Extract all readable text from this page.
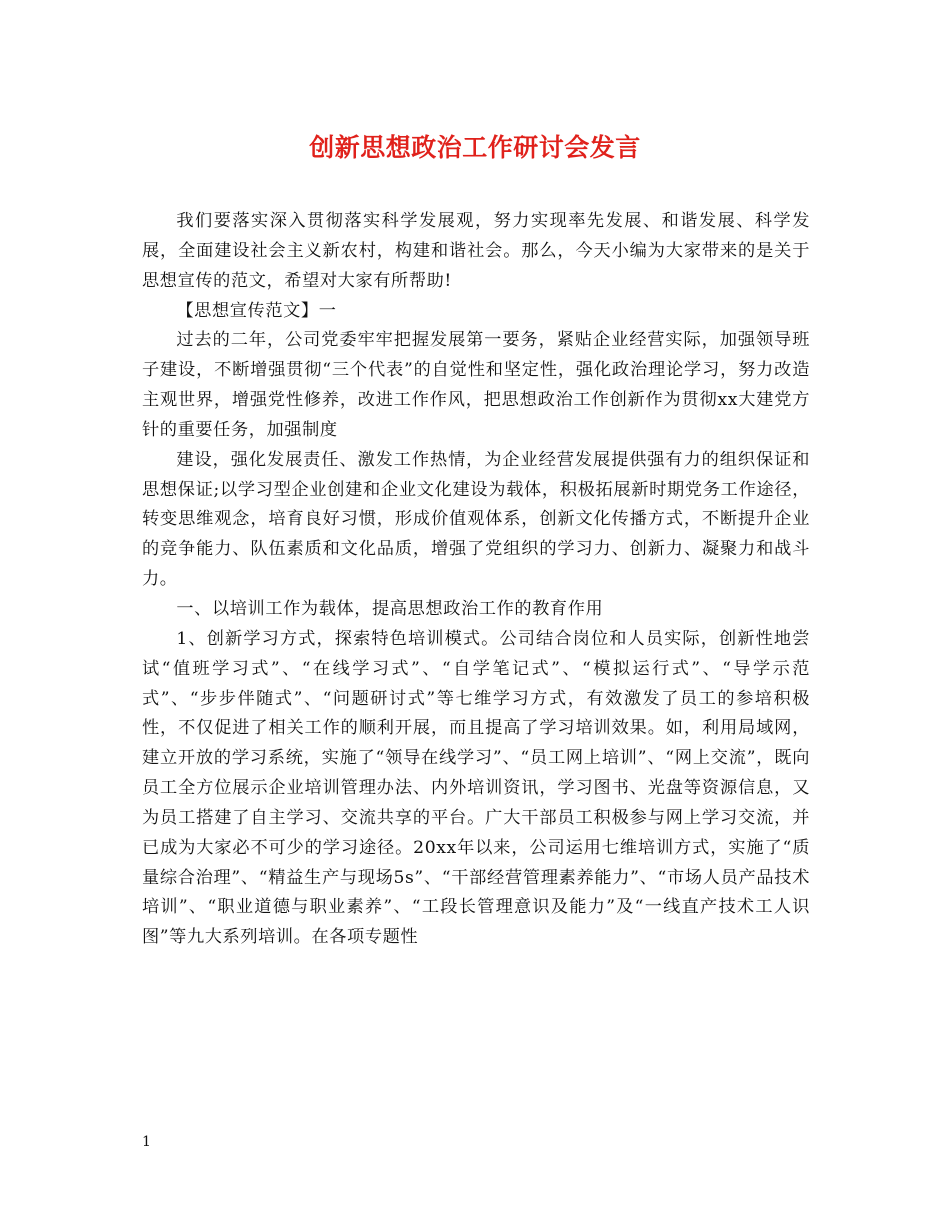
创新思想政治工作研讨会发言

我们要落实深入贯彻落实科学发展观，努力实现率先发展、和谐发展、科学发展，全面建设社会主义新农村，构建和谐社会。那么，今天小编为大家带来的是关于思想宣传的范文，希望对大家有所帮助!

【思想宣传范文】一

过去的二年，公司党委牢牢把握发展第一要务，紧贴企业经营实际，加强领导班子建设，不断增强贯彻“三个代表”的自觉性和坚定性，强化政治理论学习，努力改造主观世界，增强党性修养，改进工作作风，把思想政治工作创新作为贯彻xx大建党方针的重要任务，加强制度

建设，强化发展责任、激发工作热情，为企业经营发展提供强有力的组织保证和思想保证;以学习型企业创建和企业文化建设为载体，积极拓展新时期党务工作途径，转变思维观念，培育良好习惯，形成价值观体系，创新文化传播方式，不断提升企业的竞争能力、队伍素质和文化品质，增强了党组织的学习力、创新力、凝聚力和战斗力。

一、以培训工作为载体，提高思想政治工作的教育作用

1、创新学习方式，探索特色培训模式。公司结合岗位和人员实际，创新性地尝试“值班学习式”、“在线学习式”、“自学笔记式”、“模拟运行式”、“导学示范式”、“步步伴随式”、“问题研讨式”等七维学习方式，有效激发了员工的参培积极性，不仅促进了相关工作的顺利开展，而且提高了学习培训效果。如，利用局域网，建立开放的学习系统，实施了“领导在线学习”、“员工网上培训”、“网上交流”，既向员工全方位展示企业培训管理办法、内外培训资讯，学习图书、光盘等资源信息，又为员工搭建了自主学习、交流共享的平台。广大干部员工积极参与网上学习交流，并已成为大家必不可少的学习途径。20xx年以来，公司运用七维培训方式，实施了“质量综合治理”、“精益生产与现场5s”、“干部经营管理素养能力”、“市场人员产品技术培训”、“职业道德与职业素养”、“工段长管理意识及能力”及“一线直产技术工人识图”等九大系列培训。在各项专题性

1
